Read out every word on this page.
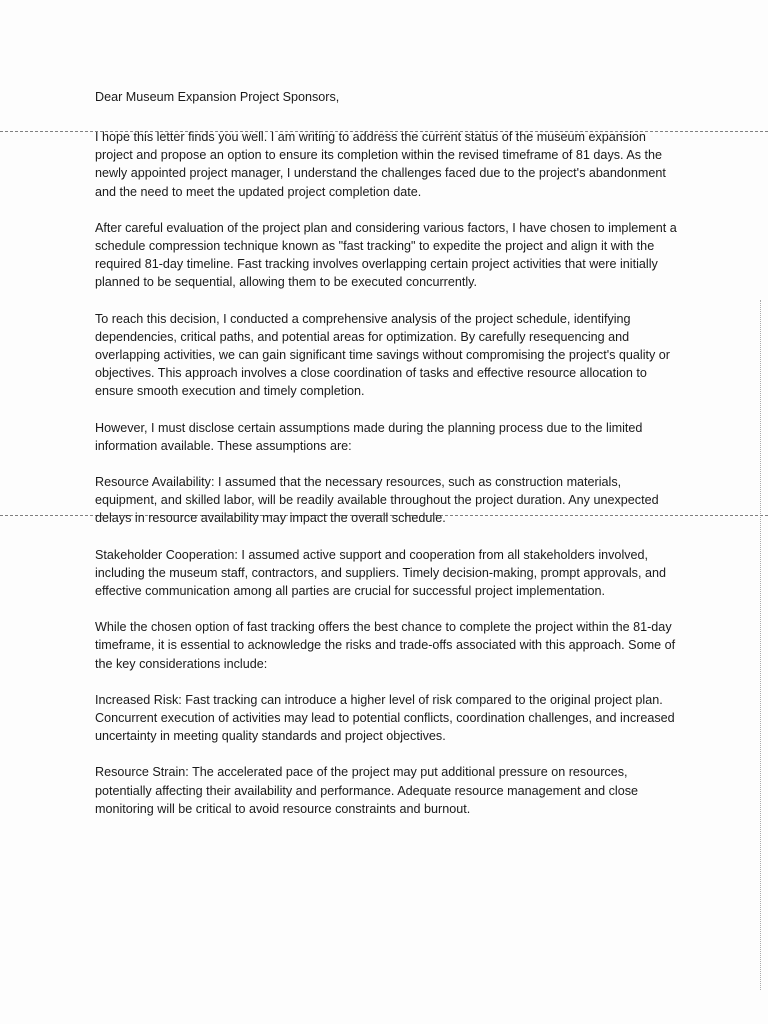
Dear Museum Expansion Project Sponsors,

I hope this letter finds you well. I am writing to address the current status of the museum expansion project and propose an option to ensure its completion within the revised timeframe of 81 days. As the newly appointed project manager, I understand the challenges faced due to the project's abandonment and the need to meet the updated project completion date.

After careful evaluation of the project plan and considering various factors, I have chosen to implement a schedule compression technique known as "fast tracking" to expedite the project and align it with the required 81-day timeline. Fast tracking involves overlapping certain project activities that were initially planned to be sequential, allowing them to be executed concurrently.

To reach this decision, I conducted a comprehensive analysis of the project schedule, identifying dependencies, critical paths, and potential areas for optimization. By carefully resequencing and overlapping activities, we can gain significant time savings without compromising the project's quality or objectives. This approach involves a close coordination of tasks and effective resource allocation to ensure smooth execution and timely completion.

However, I must disclose certain assumptions made during the planning process due to the limited information available. These assumptions are:

Resource Availability: I assumed that the necessary resources, such as construction materials, equipment, and skilled labor, will be readily available throughout the project duration. Any unexpected delays in resource availability may impact the overall schedule.

Stakeholder Cooperation: I assumed active support and cooperation from all stakeholders involved, including the museum staff, contractors, and suppliers. Timely decision-making, prompt approvals, and effective communication among all parties are crucial for successful project implementation.

While the chosen option of fast tracking offers the best chance to complete the project within the 81-day timeframe, it is essential to acknowledge the risks and trade-offs associated with this approach. Some of the key considerations include:

Increased Risk: Fast tracking can introduce a higher level of risk compared to the original project plan. Concurrent execution of activities may lead to potential conflicts, coordination challenges, and increased uncertainty in meeting quality standards and project objectives.

Resource Strain: The accelerated pace of the project may put additional pressure on resources, potentially affecting their availability and performance. Adequate resource management and close monitoring will be critical to avoid resource constraints and burnout.
